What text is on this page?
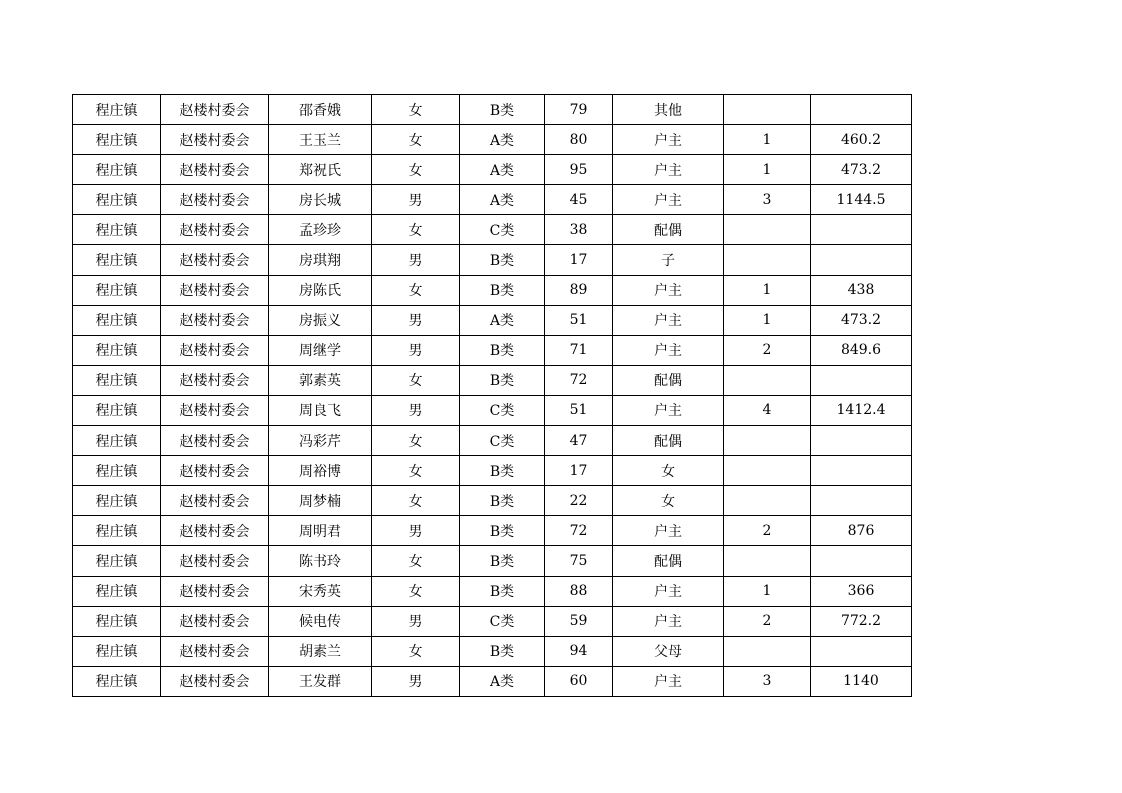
程庄镇	赵楼村委会	邵香娥	女	B类	79	其他		
程庄镇	赵楼村委会	王玉兰	女	A类	80	户主	1	460.2
程庄镇	赵楼村委会	郑祝氏	女	A类	95	户主	1	473.2
程庄镇	赵楼村委会	房长城	男	A类	45	户主	3	1144.5
程庄镇	赵楼村委会	孟珍珍	女	C类	38	配偶		
程庄镇	赵楼村委会	房琪翔	男	B类	17	子		
程庄镇	赵楼村委会	房陈氏	女	B类	89	户主	1	438
程庄镇	赵楼村委会	房振义	男	A类	51	户主	1	473.2
程庄镇	赵楼村委会	周继学	男	B类	71	户主	2	849.6
程庄镇	赵楼村委会	郭素英	女	B类	72	配偶		
程庄镇	赵楼村委会	周良飞	男	C类	51	户主	4	1412.4
程庄镇	赵楼村委会	冯彩芹	女	C类	47	配偶		
程庄镇	赵楼村委会	周裕博	女	B类	17	女		
程庄镇	赵楼村委会	周梦楠	女	B类	22	女		
程庄镇	赵楼村委会	周明君	男	B类	72	户主	2	876
程庄镇	赵楼村委会	陈书玲	女	B类	75	配偶		
程庄镇	赵楼村委会	宋秀英	女	B类	88	户主	1	366
程庄镇	赵楼村委会	候电传	男	C类	59	户主	2	772.2
程庄镇	赵楼村委会	胡素兰	女	B类	94	父母		
程庄镇	赵楼村委会	王发群	男	A类	60	户主	3	1140
